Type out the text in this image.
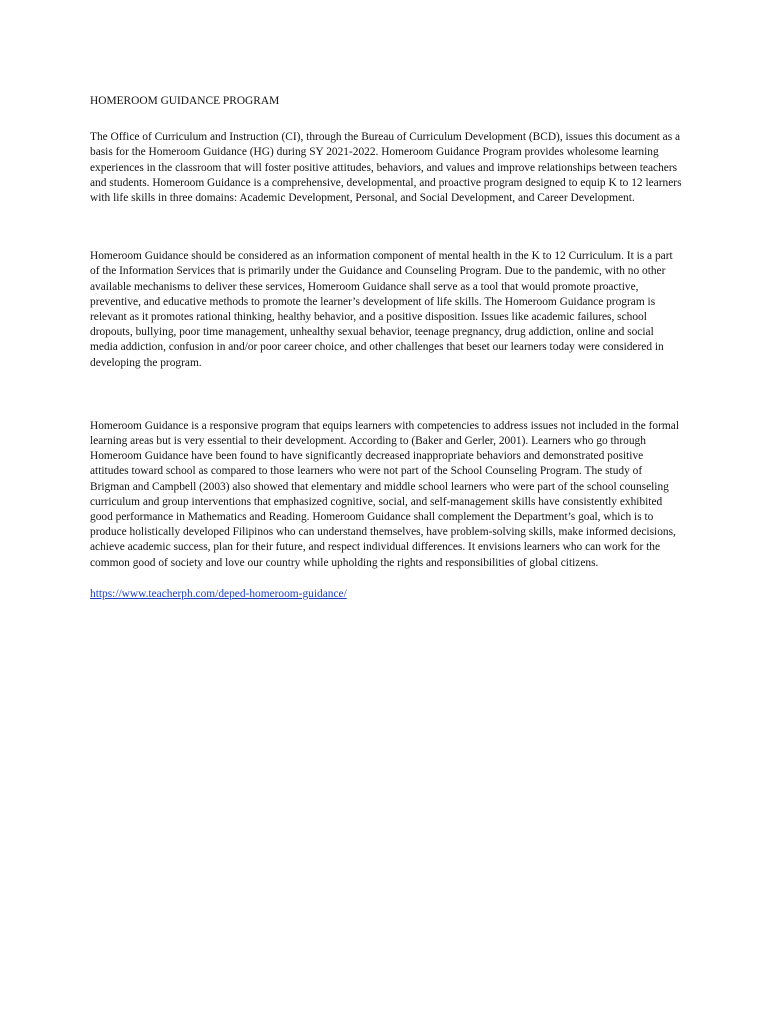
HOMEROOM GUIDANCE PROGRAM

The Office of Curriculum and Instruction (CI), through the Bureau of Curriculum Development (BCD), issues this document as a basis for the Homeroom Guidance (HG) during SY 2021-2022. Homeroom Guidance Program provides wholesome learning experiences in the classroom that will foster positive attitudes, behaviors, and values and improve relationships between teachers and students. Homeroom Guidance is a comprehensive, developmental, and proactive program designed to equip K to 12 learners with life skills in three domains: Academic Development, Personal, and Social Development, and Career Development.

Homeroom Guidance should be considered as an information component of mental health in the K to 12 Curriculum. It is a part of the Information Services that is primarily under the Guidance and Counseling Program. Due to the pandemic, with no other available mechanisms to deliver these services, Homeroom Guidance shall serve as a tool that would promote proactive, preventive, and educative methods to promote the learner’s development of life skills. The Homeroom Guidance program is relevant as it promotes rational thinking, healthy behavior, and a positive disposition. Issues like academic failures, school dropouts, bullying, poor time management, unhealthy sexual behavior, teenage pregnancy, drug addiction, online and social media addiction, confusion in and/or poor career choice, and other challenges that beset our learners today were considered in developing the program.

Homeroom Guidance is a responsive program that equips learners with competencies to address issues not included in the formal learning areas but is very essential to their development. According to (Baker and Gerler, 2001). Learners who go through Homeroom Guidance have been found to have significantly decreased inappropriate behaviors and demonstrated positive attitudes toward school as compared to those learners who were not part of the School Counseling Program. The study of Brigman and Campbell (2003) also showed that elementary and middle school learners who were part of the school counseling curriculum and group interventions that emphasized cognitive, social, and self-management skills have consistently exhibited good performance in Mathematics and Reading. Homeroom Guidance shall complement the Department’s goal, which is to produce holistically developed Filipinos who can understand themselves, have problem-solving skills, make informed decisions, achieve academic success, plan for their future, and respect individual differences. It envisions learners who can work for the common good of society and love our country while upholding the rights and responsibilities of global citizens.

https://www.teacherph.com/deped-homeroom-guidance/
